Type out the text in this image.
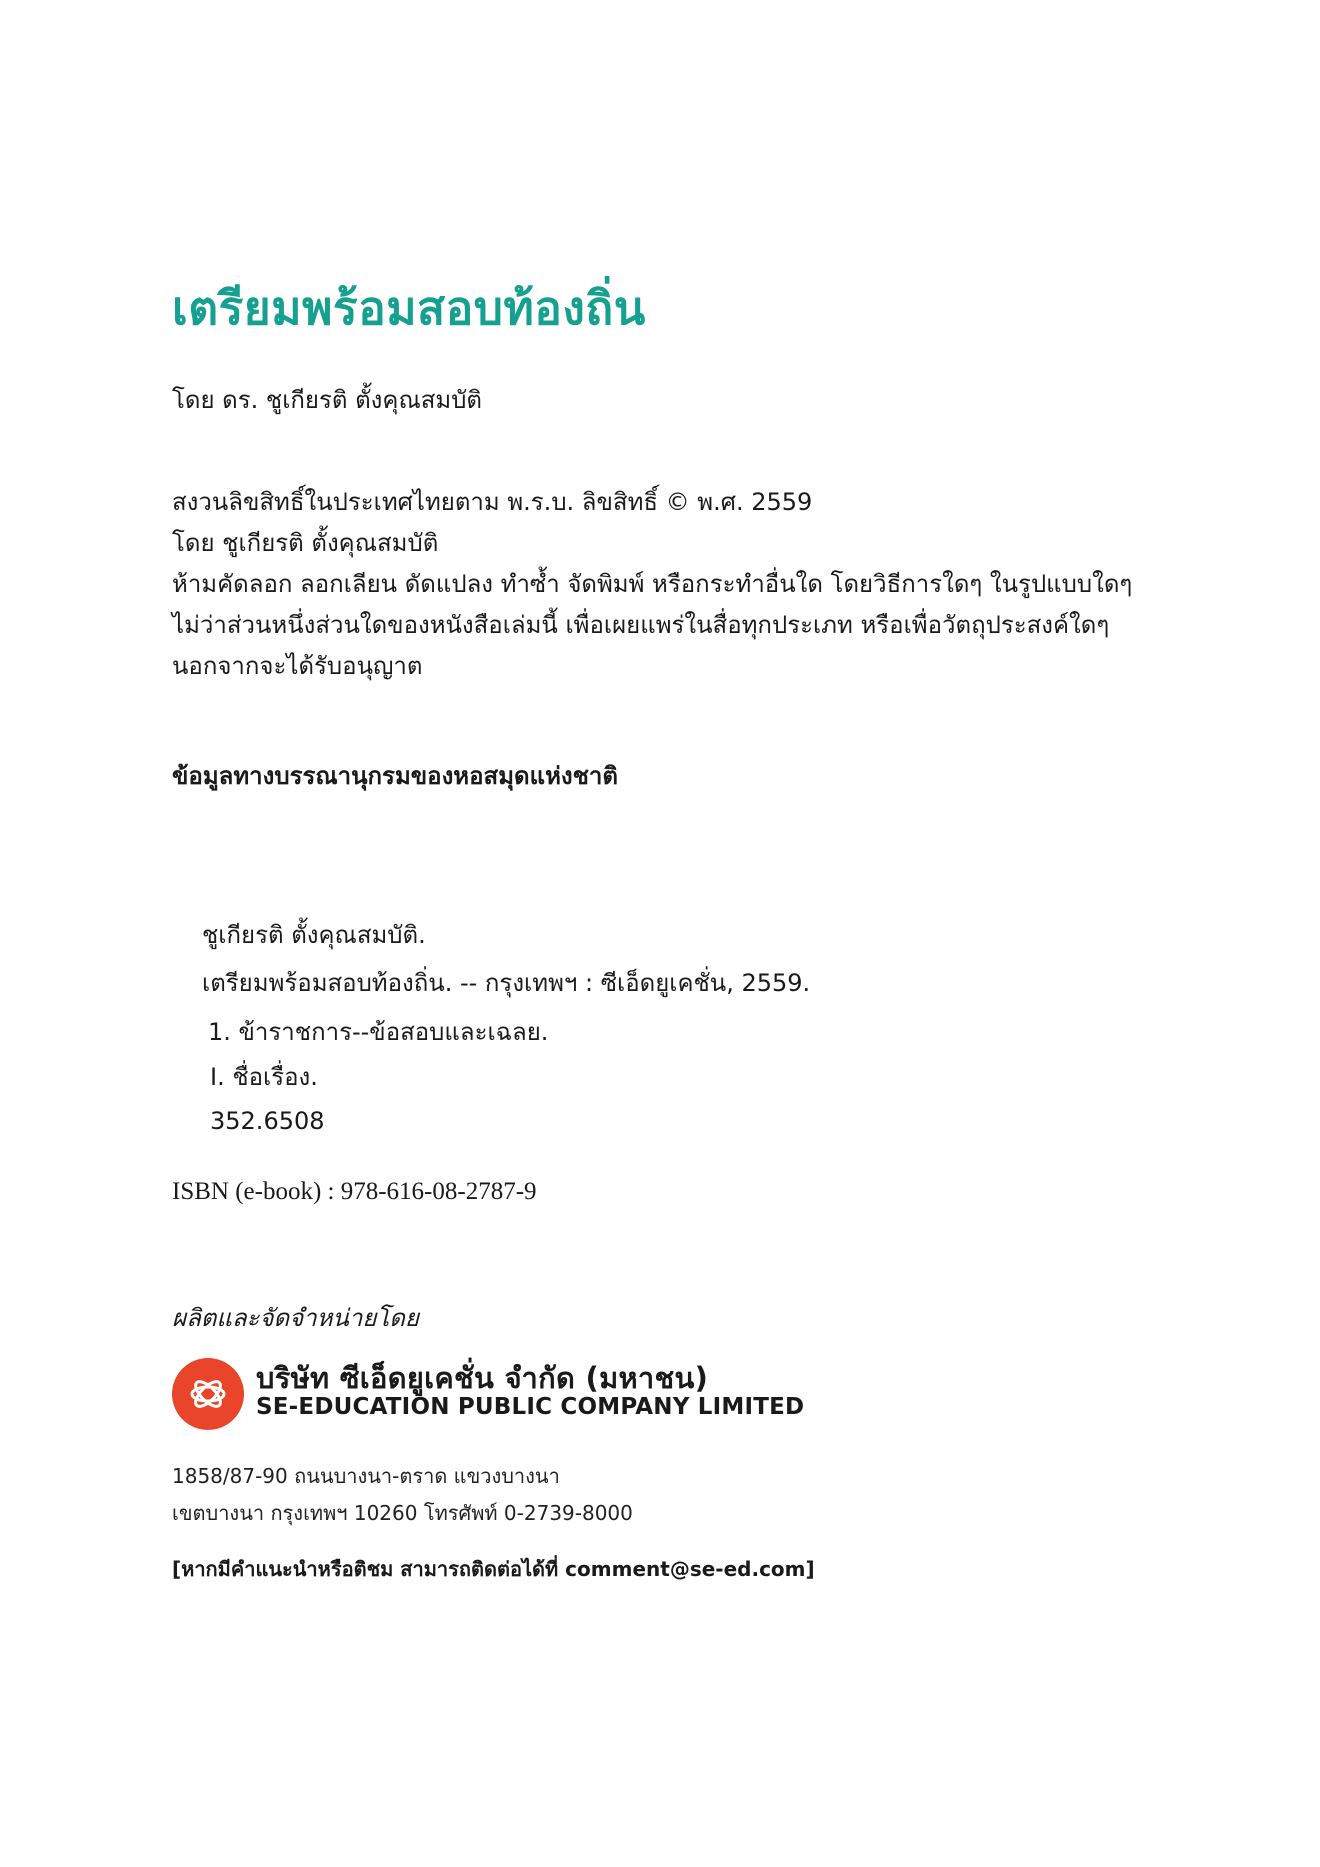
เตรียมพร้อมสอบท้องถิ่น
โดย ดร. ชูเกียรติ ตั้งคุณสมบัติ
สงวนลิขสิทธิ์ในประเทศไทยตาม พ.ร.บ. ลิขสิทธิ์ © พ.ศ. 2559
โดย ชูเกียรติ ตั้งคุณสมบัติ
ห้ามคัดลอก ลอกเลียน ดัดแปลง ทำซ้ำ จัดพิมพ์ หรือกระทำอื่นใด โดยวิธีการใดๆ ในรูปแบบใดๆ
ไม่ว่าส่วนหนึ่งส่วนใดของหนังสือเล่มนี้ เพื่อเผยแพร่ในสื่อทุกประเภท หรือเพื่อวัตถุประสงค์ใดๆ
นอกจากจะได้รับอนุญาต
ข้อมูลทางบรรณานุกรมของหอสมุดแห่งชาติ
ชูเกียรติ ตั้งคุณสมบัติ.
เตรียมพร้อมสอบท้องถิ่น. -- กรุงเทพฯ : ซีเอ็ดยูเคชั่น, 2559.
1. ข้าราชการ--ข้อสอบและเฉลย.
I. ชื่อเรื่อง.
352.6508
ISBN (e-book) : 978-616-08-2787-9
ผลิตและจัดจำหน่ายโดย
บริษัท ซีเอ็ดยูเคชั่น จำกัด (มหาชน)
SE-EDUCATION PUBLIC COMPANY LIMITED
1858/87-90 ถนนบางนา-ตราด แขวงบางนา
เขตบางนา กรุงเทพฯ 10260 โทรศัพท์ 0-2739-8000
[หากมีคำแนะนำหรือติชม สามารถติดต่อได้ที่ comment@se-ed.com]
